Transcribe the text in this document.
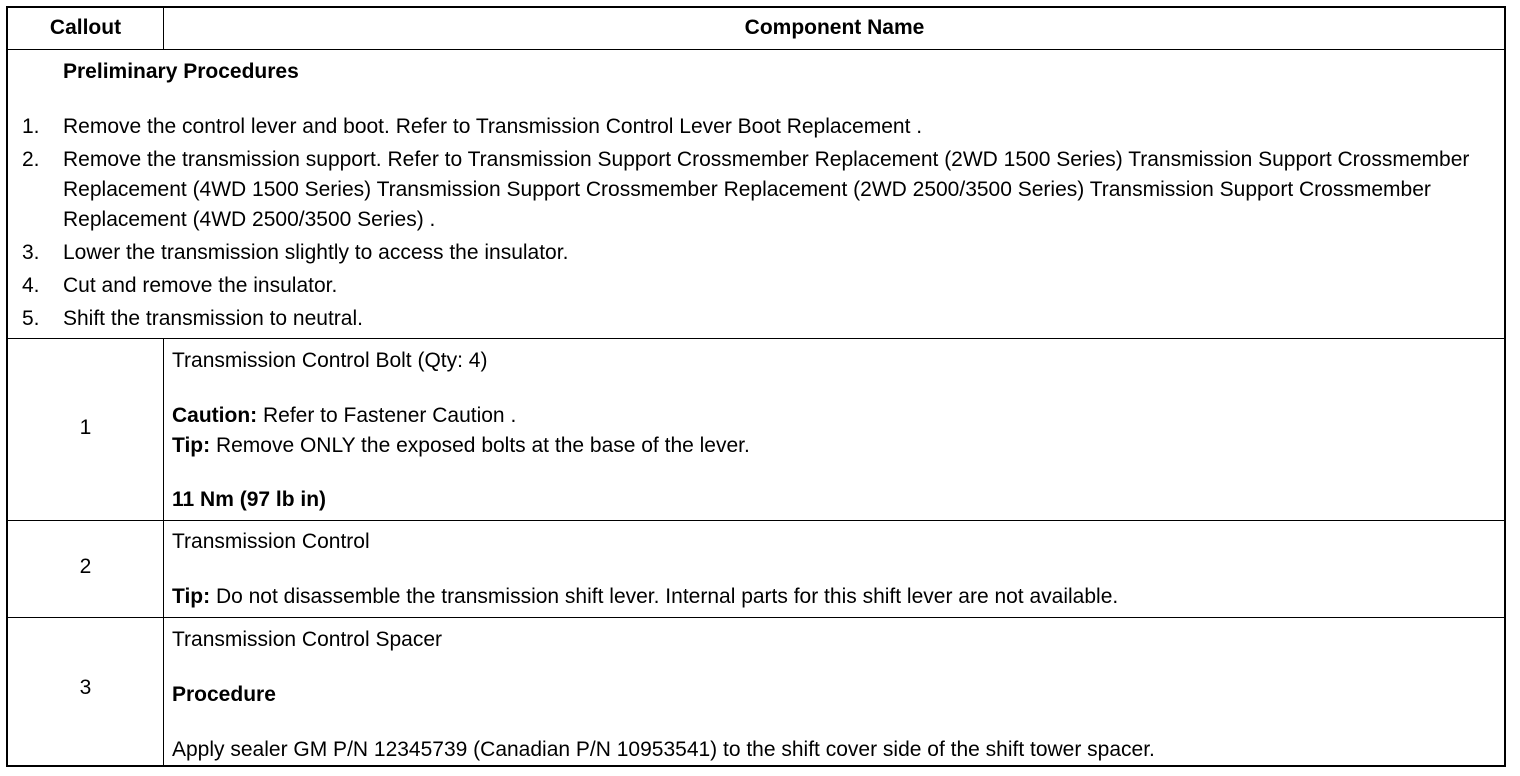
Callout	Component Name
Preliminary Procedures
1.	Remove the control lever and boot. Refer to Transmission Control Lever Boot Replacement .
2.	Remove the transmission support. Refer to Transmission Support Crossmember Replacement (2WD 1500 Series) Transmission Support Crossmember Replacement (4WD 1500 Series) Transmission Support Crossmember Replacement (2WD 2500/3500 Series) Transmission Support Crossmember Replacement (4WD 2500/3500 Series) .
3.	Lower the transmission slightly to access the insulator.
4.	Cut and remove the insulator.
5.	Shift the transmission to neutral.
1
Transmission Control Bolt (Qty: 4)
Caution: Refer to Fastener Caution .
Tip: Remove ONLY the exposed bolts at the base of the lever.
11 Nm (97 lb in)
2
Transmission Control
Tip: Do not disassemble the transmission shift lever. Internal parts for this shift lever are not available.
3
Transmission Control Spacer
Procedure
Apply sealer GM P/N 12345739 (Canadian P/N 10953541) to the shift cover side of the shift tower spacer.
